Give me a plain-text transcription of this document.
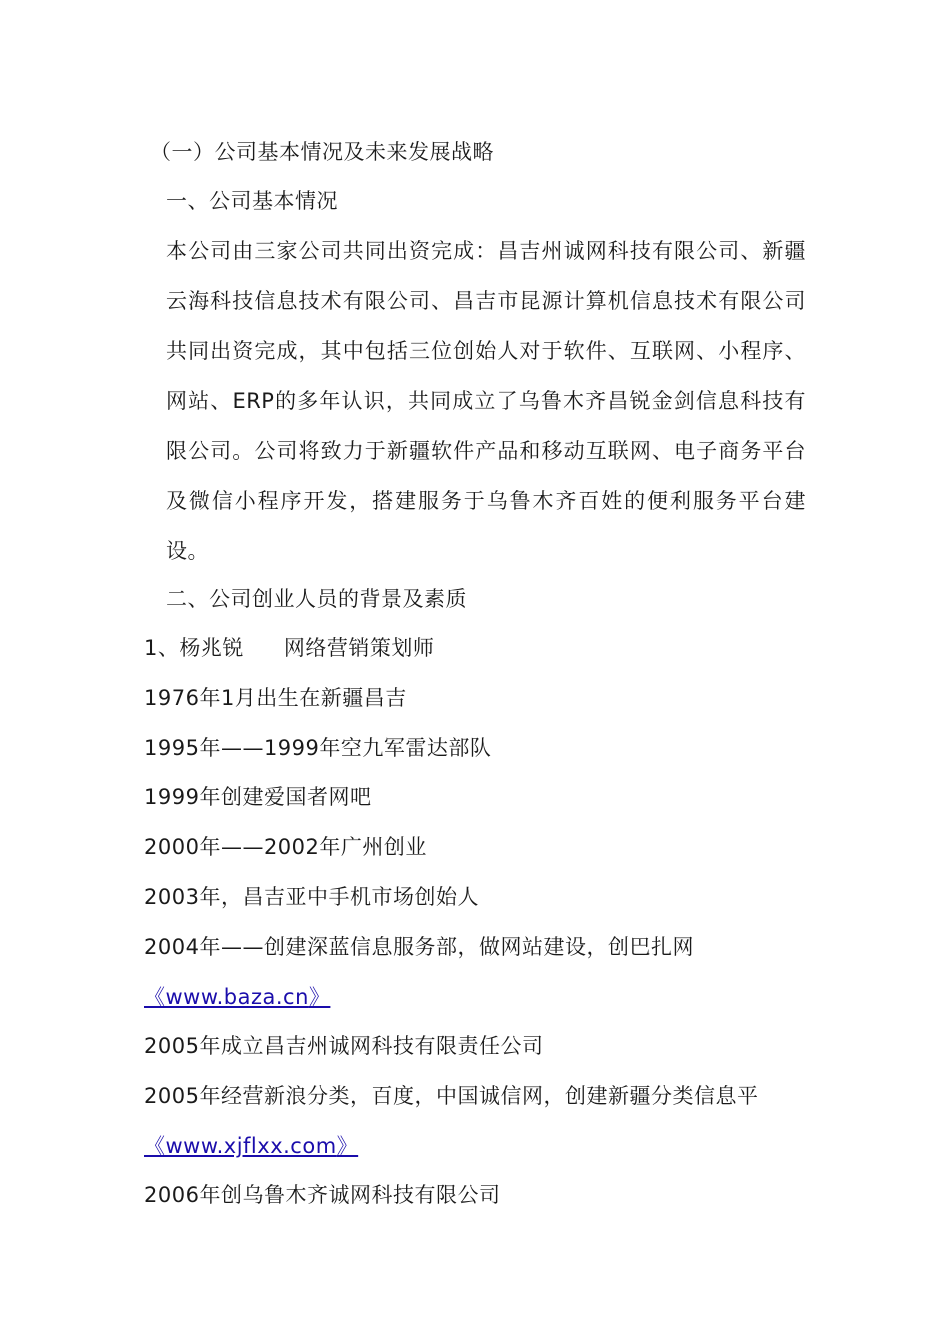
（一）公司基本情况及未来发展战略
一、公司基本情况
本公司由三家公司共同出资完成：昌吉州诚网科技有限公司、新疆云海科技信息技术有限公司、昌吉市昆源计算机信息技术有限公司共同出资完成，其中包括三位创始人对于软件、互联网、小程序、网站、ERP的多年认识，共同成立了乌鲁木齐昌锐金剑信息科技有限公司。公司将致力于新疆软件产品和移动互联网、电子商务平台及微信小程序开发，搭建服务于乌鲁木齐百姓的便利服务平台建设。
二、公司创业人员的背景及素质
1、杨兆锐 网络营销策划师
1976年1月出生在新疆昌吉
1995年——1999年空九军雷达部队
1999年创建爱国者网吧
2000年——2002年广州创业
2003年，昌吉亚中手机市场创始人
2004年——创建深蓝信息服务部，做网站建设，创巴扎网
《www.baza.cn》
2005年成立昌吉州诚网科技有限责任公司
2005年经营新浪分类，百度，中国诚信网，创建新疆分类信息平
《www.xjflxx.com》
2006年创乌鲁木齐诚网科技有限公司
